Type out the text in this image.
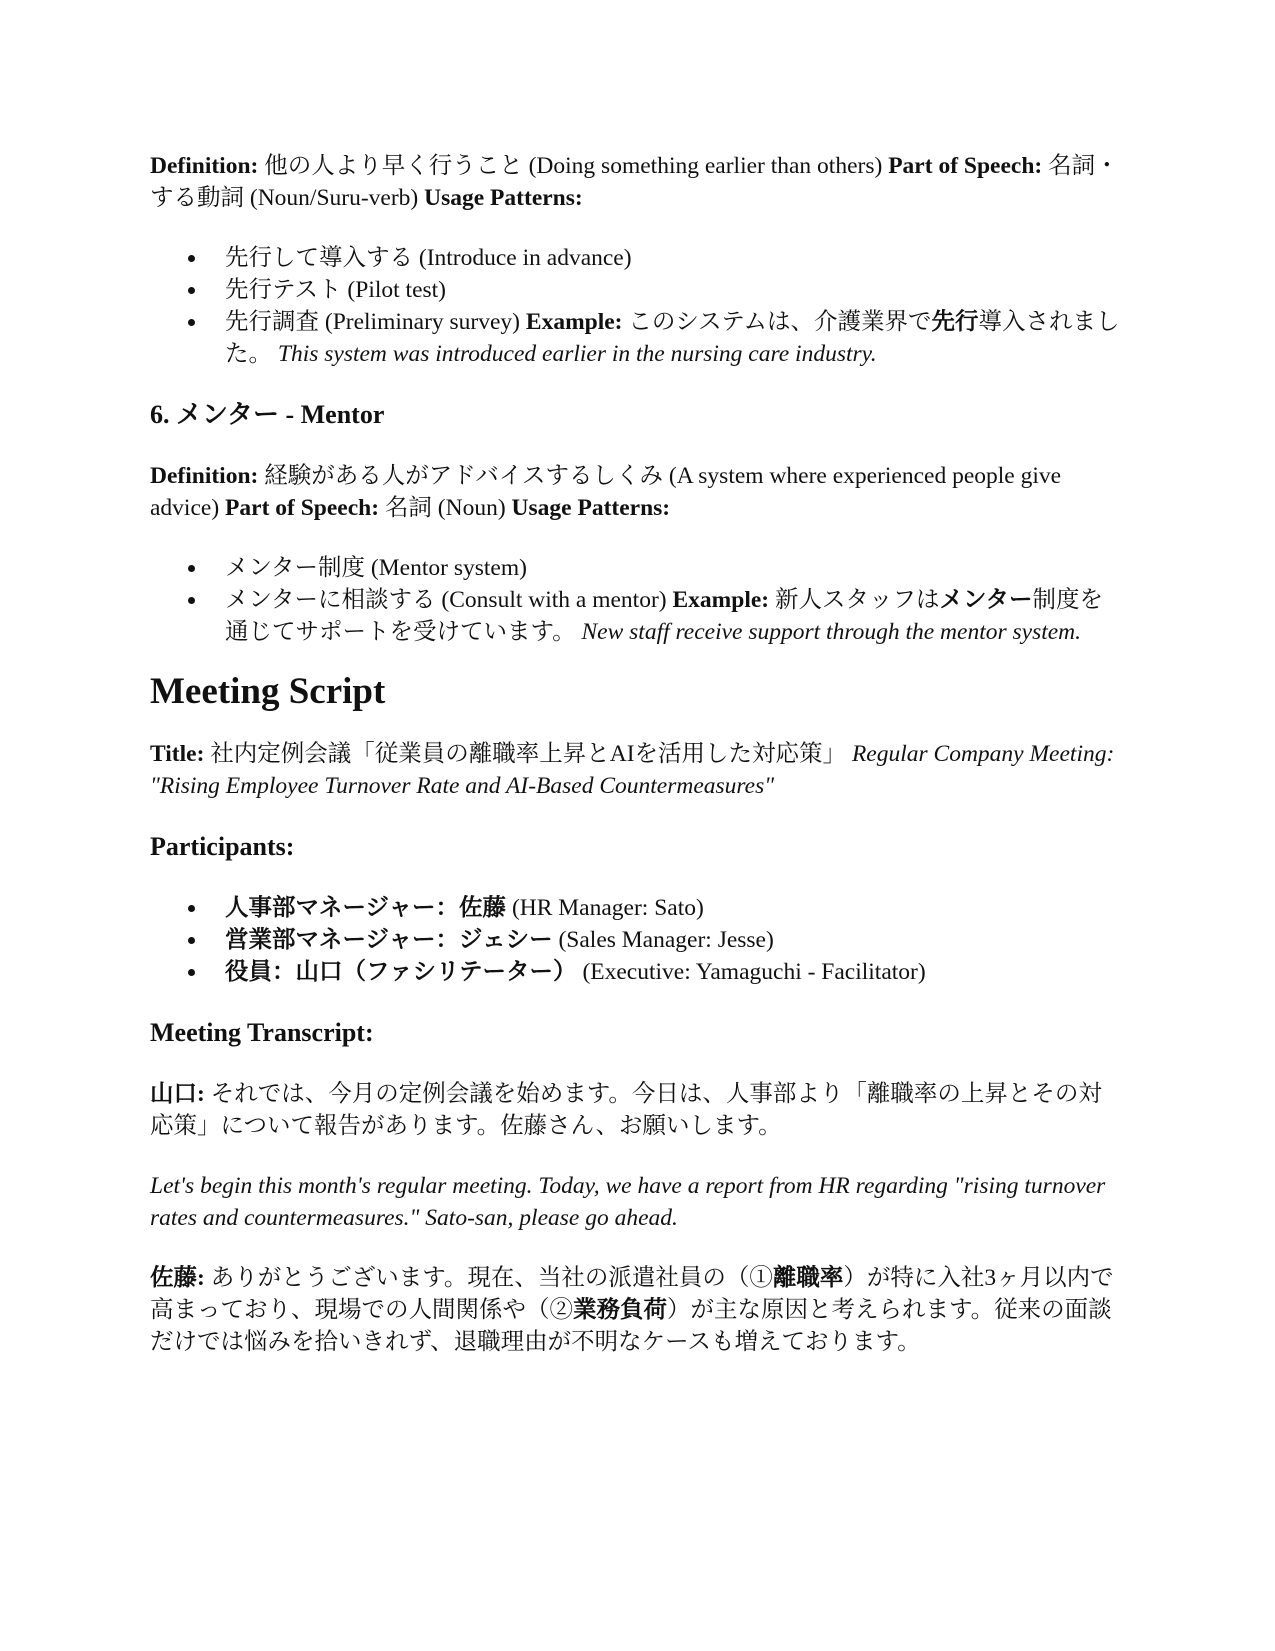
Definition: 他の人より早く行うこと (Doing something earlier than others) Part of Speech: 名詞・する動詞 (Noun/Suru-verb) Usage Patterns:

先行して導入する (Introduce in advance)
先行テスト (Pilot test)
先行調査 (Preliminary survey) Example: このシステムは、介護業界で先行導入されました。 This system was introduced earlier in the nursing care industry.
6. メンター - Mentor

Definition: 経験がある人がアドバイスするしくみ (A system where experienced people give advice) Part of Speech: 名詞 (Noun) Usage Patterns:

メンター制度 (Mentor system)
メンターに相談する (Consult with a mentor) Example: 新人スタッフはメンター制度を通じてサポートを受けています。 New staff receive support through the mentor system.
Meeting Script

Title: 社内定例会議「従業員の離職率上昇とAIを活用した対応策」 Regular Company Meeting: "Rising Employee Turnover Rate and AI-Based Countermeasures"

Participants:
人事部マネージャー：佐藤 (HR Manager: Sato)
営業部マネージャー：ジェシー (Sales Manager: Jesse)
役員：山口（ファシリテーター） (Executive: Yamaguchi - Facilitator)
Meeting Transcript:

山口: それでは、今月の定例会議を始めます。今日は、人事部より「離職率の上昇とその対応策」について報告があります。佐藤さん、お願いします。

Let's begin this month's regular meeting. Today, we have a report from HR regarding "rising turnover rates and countermeasures." Sato-san, please go ahead.

佐藤: ありがとうございます。現在、当社の派遣社員の（①離職率）が特に入社3ヶ月以内で高まっており、現場での人間関係や（②業務負荷）が主な原因と考えられます。従来の面談だけでは悩みを拾いきれず、退職理由が不明なケースも増えております。
